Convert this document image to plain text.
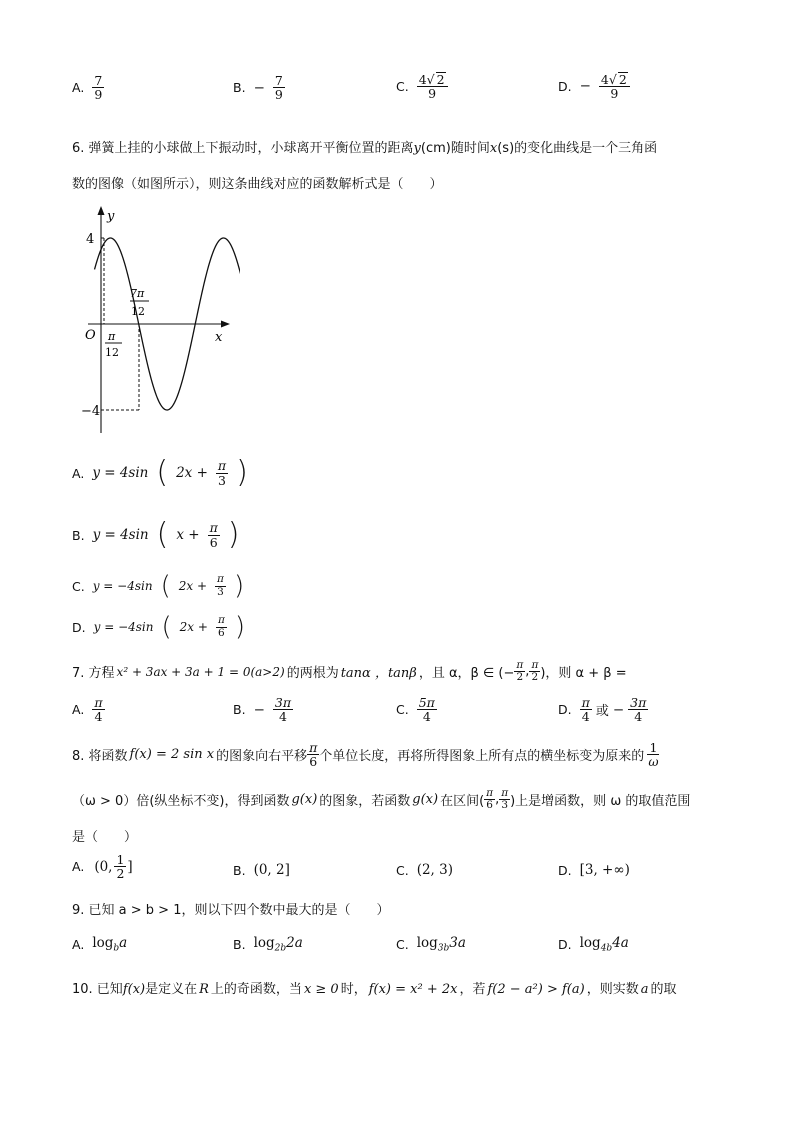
A. $\frac{7}{9}$	B. − $\frac{7}{9}$	C. $\frac{4√ 2}{9}$	D. − $\frac{4√ 2}{9}$
6. 弹簧上挂的小球做上下振动时，小球离开平衡位置的距离y(cm)随时间x(s)的变化曲线是一个三角函
数的图像（如图所示），则这条曲线对应的函数解析式是（　　）
y
x
O
4
−4
π
12
7π
12
A. y = 4sin ( $2x + \frac{\pi}{3}$ )
B. y = 4sin ( $x + \frac{\pi}{6}$ )
C. y = −4sin ( $2x + \frac{\pi}{3}$ )
D. y = −4sin ( $2x + \frac{\pi}{6}$ )
7. 方程 x² + 3ax + 3a + 1 = 0(a>2) 的两根为 tanα ，tanβ ，且 α，β ∈ (− $\frac{\pi}{2}$ , $\frac{\pi}{2}$ )，则 α + β =
A. $\frac{\pi}{4}$	B. − $\frac{3\pi}{4}$	C. $\frac{5\pi}{4}$	D. $\frac{\pi}{4}$ 或 − $\frac{3\pi}{4}$
8. 将函数 f(x) = 2 sin x 的图象向右平移 $\frac{\pi}{6}$ 个单位长度，再将所得图象上所有点的横坐标变为原来的 $\frac{1}{\omega}$
（ω > 0）倍(纵坐标不变)，得到函数 g(x) 的图象，若函数 g(x) 在区间( $\frac{\pi}{6}$ , $\frac{\pi}{3}$ )上是增函数，则 ω 的取值范围
是（　　）
A. (0, $\frac{1}{2}$ ]	B. (0, 2]	C. (2, 3)	D. [3, +∞)
9. 已知 a > b > 1，则以下四个数中最大的是（　　）
A. $\log_ba$	B. $\log_{2b}2a$	C. $\log_{3b}3a$	D. $\log_{4b}4a$
10. 已知f(x)是定义在 R 上的奇函数，当 x ≥ 0 时， f(x) = x² + 2x ，若 f(2 − a²) > f(a) ，则实数 a 的取
